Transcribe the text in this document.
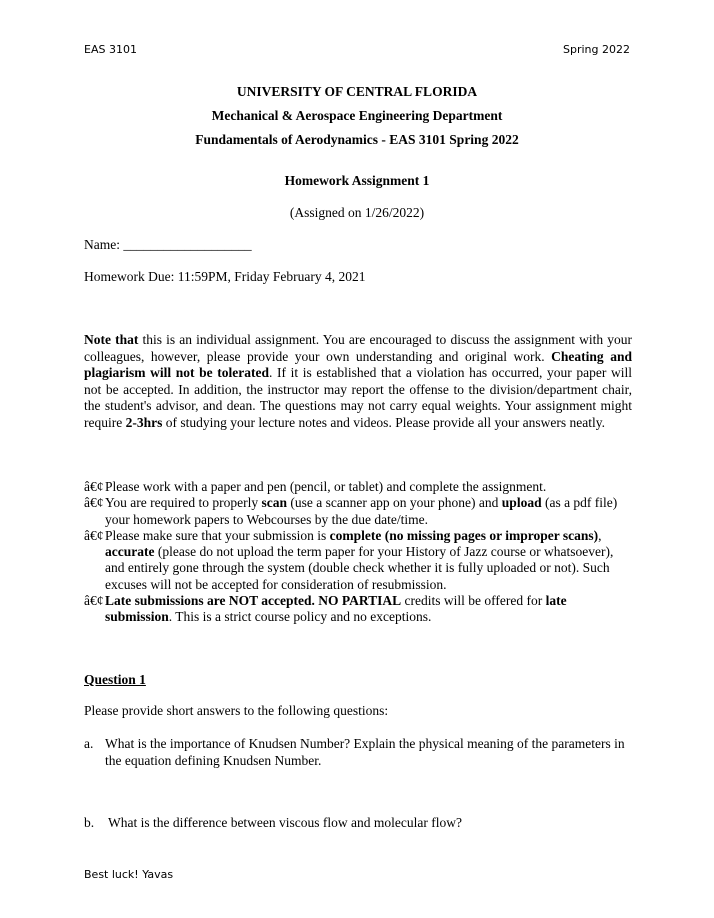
EAS 3101	Spring 2022
UNIVERSITY OF CENTRAL FLORIDA
Mechanical & Aerospace Engineering Department
Fundamentals of Aerodynamics - EAS 3101 Spring 2022
Homework Assignment 1
(Assigned on 1/26/2022)
Name: ___________________
Homework Due: 11:59PM, Friday February 4, 2021
Note that this is an individual assignment. You are encouraged to discuss the assignment with your colleagues, however, please provide your own understanding and original work. Cheating and plagiarism will not be tolerated. If it is established that a violation has occurred, your paper will not be accepted. In addition, the instructor may report the offense to the division/department chair, the student's advisor, and dean. The questions may not carry equal weights. Your assignment might require 2-3hrs of studying your lecture notes and videos. Please provide all your answers neatly.
â€¢ Please work with a paper and pen (pencil, or tablet) and complete the assignment.
â€¢ You are required to properly scan (use a scanner app on your phone) and upload (as a pdf file) your homework papers to Webcourses by the due date/time.
â€¢ Please make sure that your submission is complete (no missing pages or improper scans), accurate (please do not upload the term paper for your History of Jazz course or whatsoever), and entirely gone through the system (double check whether it is fully uploaded or not). Such excuses will not be accepted for consideration of resubmission.
â€¢ Late submissions are NOT accepted. NO PARTIAL credits will be offered for late submission. This is a strict course policy and no exceptions.
Question 1
Please provide short answers to the following questions:
a. What is the importance of Knudsen Number? Explain the physical meaning of the parameters in the equation defining Knudsen Number.
b.	What is the difference between viscous flow and molecular flow?
Best luck! Yavas
